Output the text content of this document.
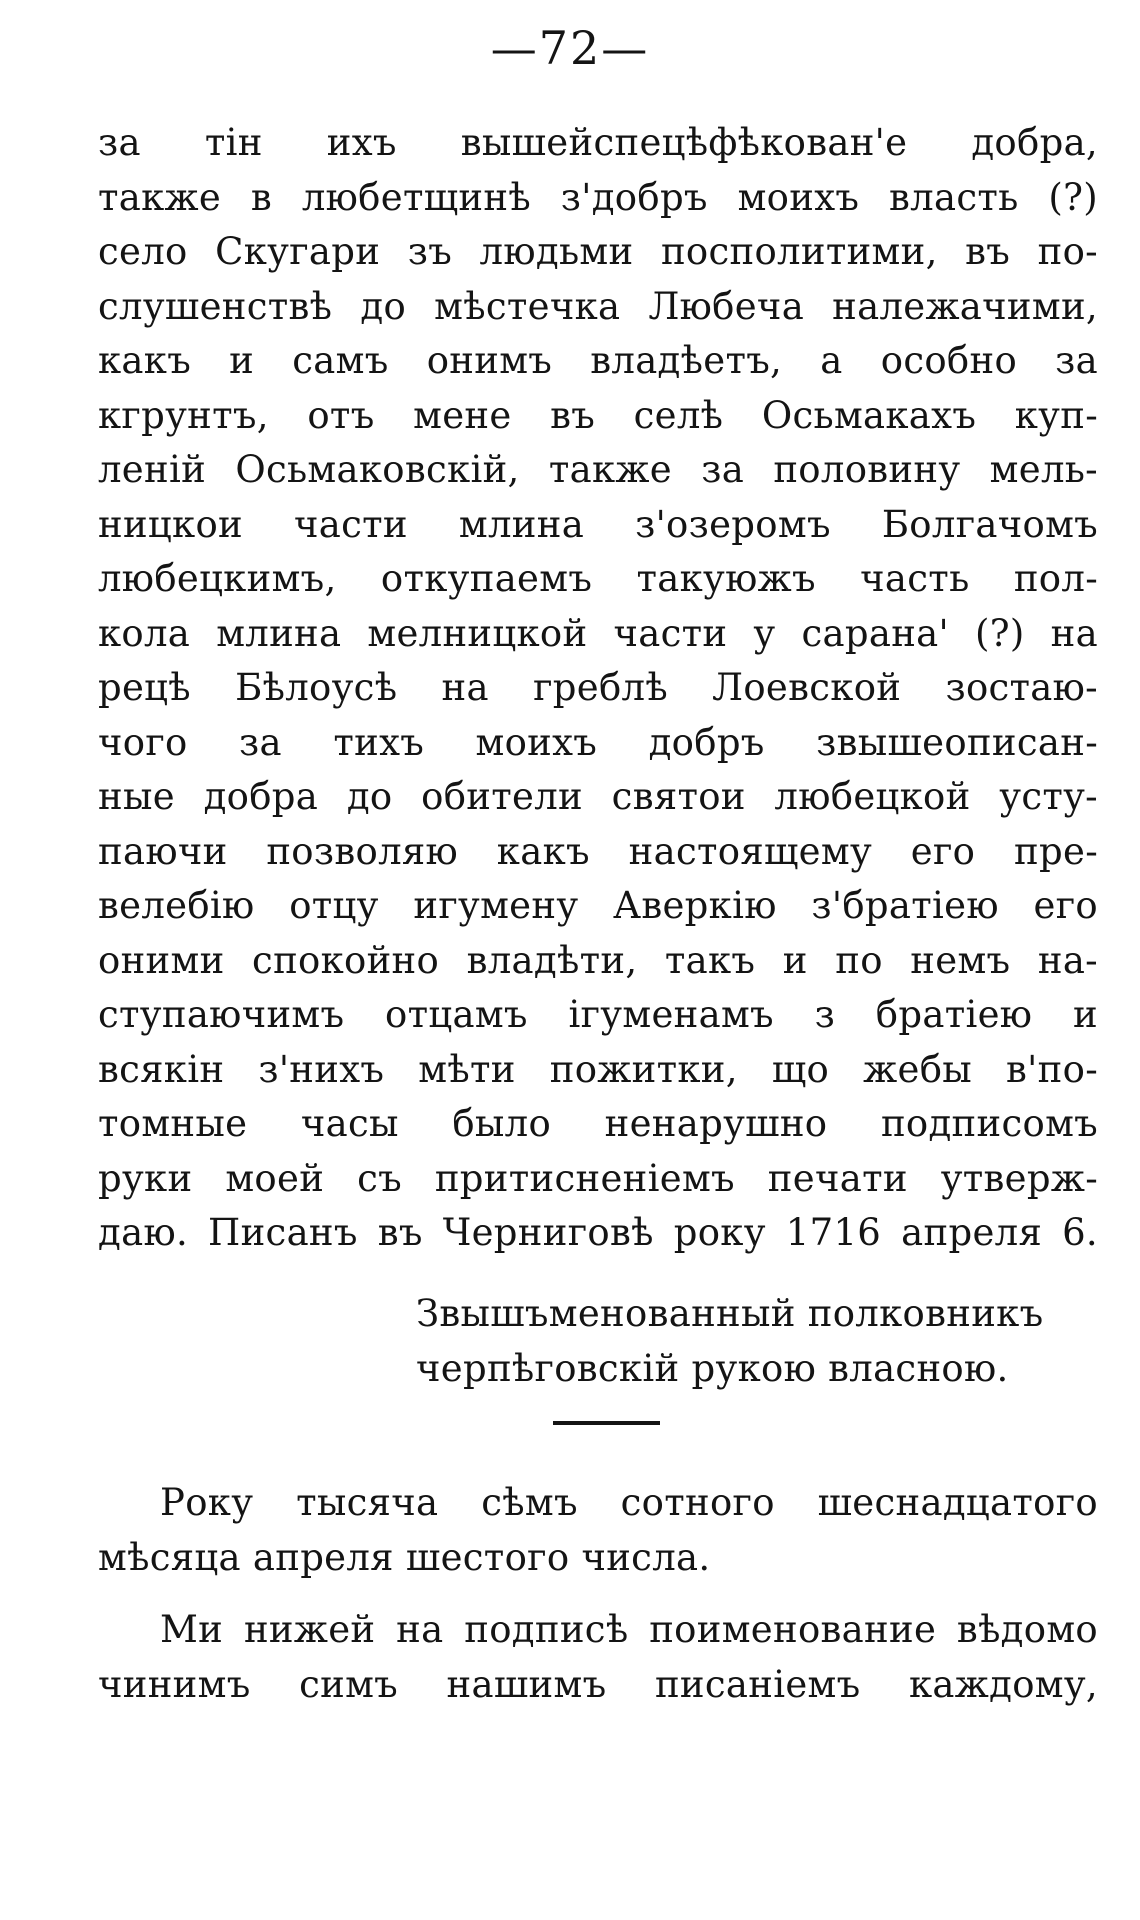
—72—
за тін ихъ вышейспецѣфѣкован'е добра,
также в любетщинѣ з'добръ моихъ власть (?)
село Скугари зъ людьми посполитими, въ по-
слушенствѣ до мѣстечка Любеча належачими,
какъ и самъ онимъ владѣетъ, а особно за
кгрунтъ, отъ мене въ селѣ Осьмакахъ куп-
леній Осьмаковскій, также за половину мель-
ницкои части млина з'озеромъ Болгачомъ
любецкимъ, откупаемъ такуюжъ часть пол-
кола млина мелницкой части у сарана' (?) на
рецѣ Бѣлоусѣ на греблѣ Лоевской зостаю-
чого за тихъ моихъ добръ звышеописан-
ные добра до обители святои любецкой усту-
паючи позволяю какъ настоящему его пре-
велебію отцу игумену Аверкію з'братіею его
оними спокойно владѣти, такъ и по немъ на-
ступаючимъ отцамъ ігуменамъ з братіею и
всякін з'нихъ мѣти пожитки, що жебы в'по-
томные часы было ненарушно подписомъ
руки моей съ притисненіемъ печати утверж-
даю. Писанъ въ Черниговѣ року 1716 апреля 6.
Звышъменованный полковникъ
черпѣговскій рукою власною.
Року тысяча сѣмъ сотного шеснадцатого
мѣсяца апреля шестого числа.
Ми нижей на подписѣ поименование вѣдомо
чинимъ симъ нашимъ писаніемъ каждому,
